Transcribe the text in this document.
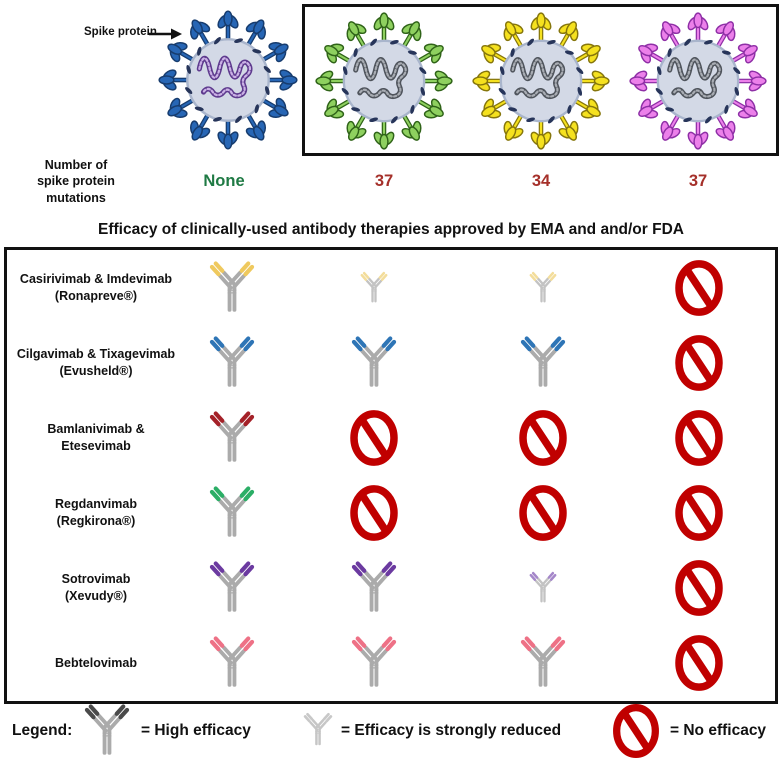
Spike protein
Number of
spike protein
mutations
None	37	34	37
Efficacy of clinically-used antibody therapies approved by EMA and and/or FDA
Casirivimab & Imdevimab
(Ronapreve®)
Cilgavimab & Tixagevimab
(Evusheld®)
Bamlanivimab & Etesevimab
Regdanvimab
(Regkirona®)
Sotrovimab
(Xevudy®)
Bebtelovimab
Legend:	= High efficacy	= Efficacy is strongly reduced	= No efficacy
